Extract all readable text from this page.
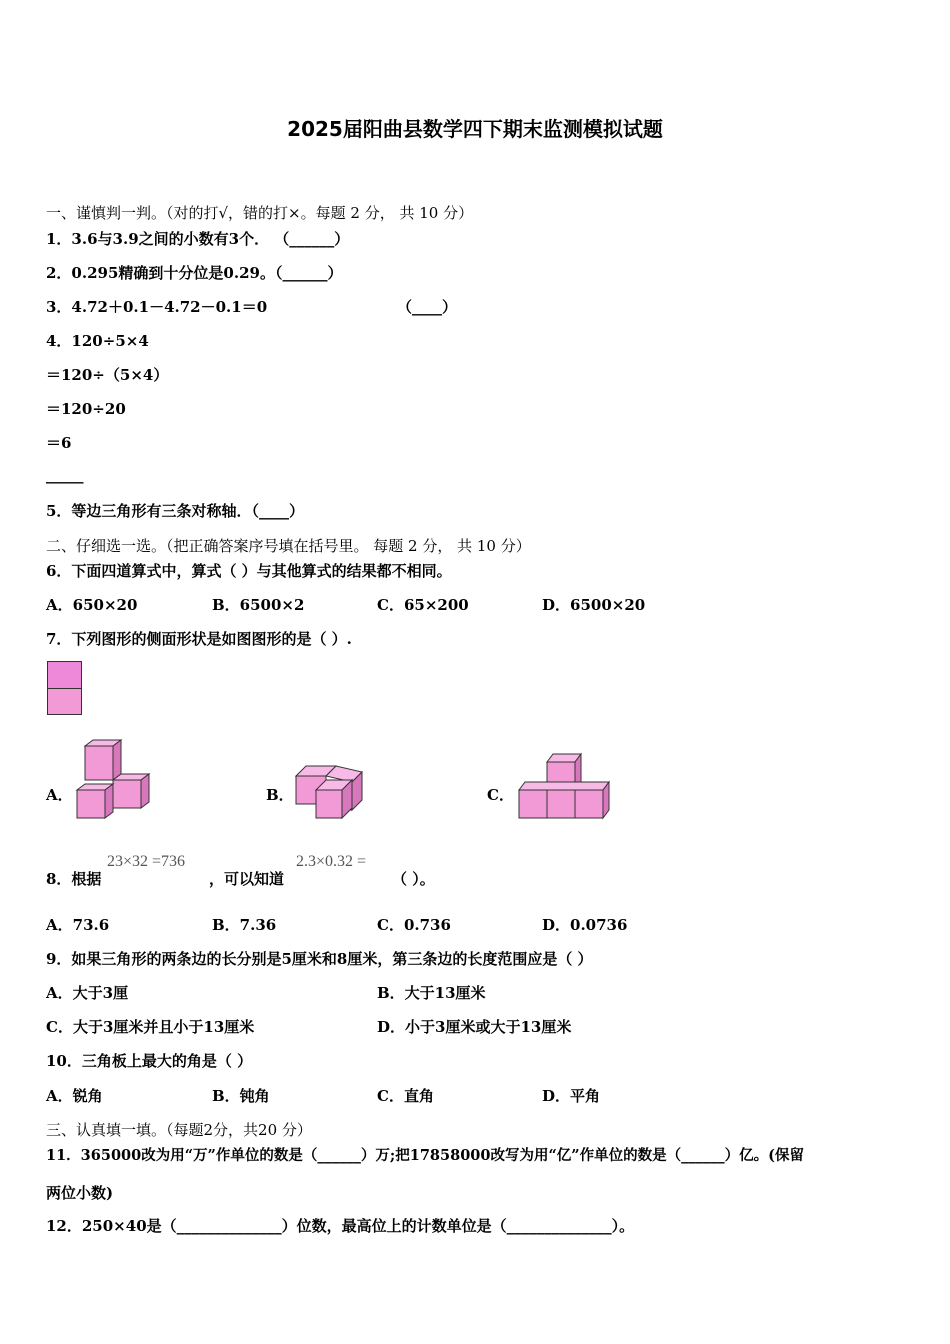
2025届阳曲县数学四下期末监测模拟试题
一、谨慎判一判。（对的打√，错的打×。每题 2 分， 共 10 分）
1．3.6与3.9之间的小数有3个． （______）
2．0.295精确到十分位是0.29。（______）
3．4.72＋0.1－4.72－0.1＝0	（____）
4．120÷5×4
＝120÷（5×4）
＝120÷20
＝6
_____
5．等边三角形有三条对称轴．（____）
二、仔细选一选。（把正确答案序号填在括号里。 每题 2 分， 共 10 分）
6．下面四道算式中，算式（ ）与其他算式的结果都不相同。
A．650×20	B．6500×2	C．65×200	D．6500×20
7．下列图形的侧面形状是如图图形的是（ ）.
A．	B．	C．
8．根据
23×32 =736
，可以知道
2.3×0.32 =
（ ）。
A．73.6	B．7.36	C．0.736	D．0.0736
9．如果三角形的两条边的长分别是5厘米和8厘米，第三条边的长度范围应是（ ）
A．大于3厘	B．大于13厘米
C．大于3厘米并且小于13厘米	D．小于3厘米或大于13厘米
10．三角板上最大的角是（ ）
A．锐角	B．钝角	C．直角	D．平角
三、认真填一填。（每题2分，共20 分）
11．365000改为用“万”作单位的数是（______）万;把17858000改写为用“亿”作单位的数是（______）亿。(保留
两位小数)
12．250×40是（______________）位数，最高位上的计数单位是（______________）。
